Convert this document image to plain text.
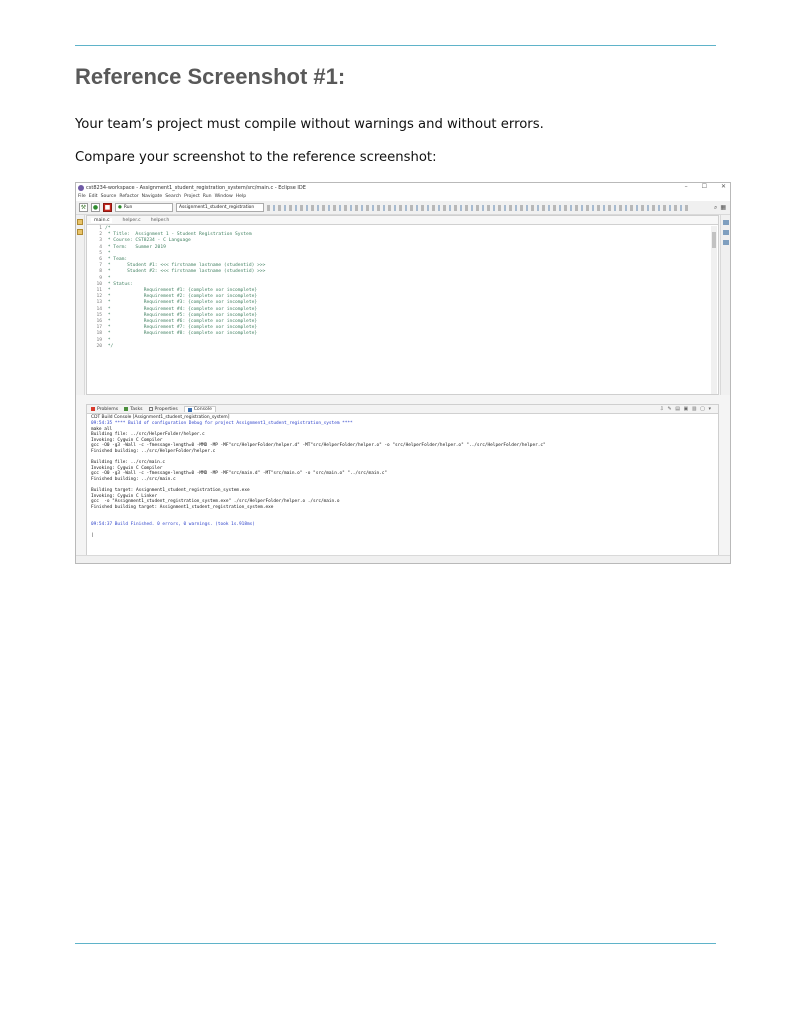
Reference Screenshot #1:
Your team’s project must compile without warnings and without errors.
Compare your screenshot to the reference screenshot:
cst8234-workspace - Assignment1_student_registration_system/src/main.c - Eclipse IDE	– ☐ ✕
File Edit Source Refactor Navigate Search Project Run Window Help
⚒	●	■	● Run	Assignment1_student_registration	⌕ ▦
main.c	helper.c helper.h
1 /*
2 * Title:  Assignment 1 - Student Registration System
3 * Course: CST8234 - C Language
4 * Term:   Summer 2019
5 *
6 * Team:
7 *      Student #1: <<< firstname lastname (studentid) >>>
8 *      Student #2: <<< firstname lastname (studentid) >>>
9 *
10 * Status:
11 *            Requirement #1: {complete xor incomplete}
12 *            Requirement #2: {complete xor incomplete}
13 *            Requirement #3: {complete xor incomplete}
14 *            Requirement #4: {complete xor incomplete}
15 *            Requirement #5: {complete xor incomplete}
16 *            Requirement #6: {complete xor incomplete}
17 *            Requirement #7: {complete xor incomplete}
18 *            Requirement #8: {complete xor incomplete}
19 *
20 */
Problems	Tasks	Properties	Console	⇩ ✎ ▤ ▣ ▥ ▢ ▾
CDT Build Console [Assignment1_student_registration_system]
09:54:35 **** Build of configuration Debug for project Assignment1_student_registration_system ****
make all
Building file: ../src/HelperFolder/helper.c
Invoking: Cygwin C Compiler
gcc -O0 -g3 -Wall -c -fmessage-length=0 -MMD -MP -MF"src/HelperFolder/helper.d" -MT"src/HelperFolder/helper.o" -o "src/HelperFolder/helper.o" "../src/HelperFolder/helper.c"
Finished building: ../src/HelperFolder/helper.c
Building file: ../src/main.c
Invoking: Cygwin C Compiler
gcc -O0 -g3 -Wall -c -fmessage-length=0 -MMD -MP -MF"src/main.d" -MT"src/main.o" -o "src/main.o" "../src/main.c"
Finished building: ../src/main.c
Building target: Assignment1_student_registration_system.exe
Invoking: Cygwin C Linker
gcc  -o "Assignment1_student_registration_system.exe" ./src/HelperFolder/helper.o ./src/main.o
Finished building target: Assignment1_student_registration_system.exe
09:54:37 Build Finished. 0 errors, 0 warnings. (took 1s.918ms)
|
